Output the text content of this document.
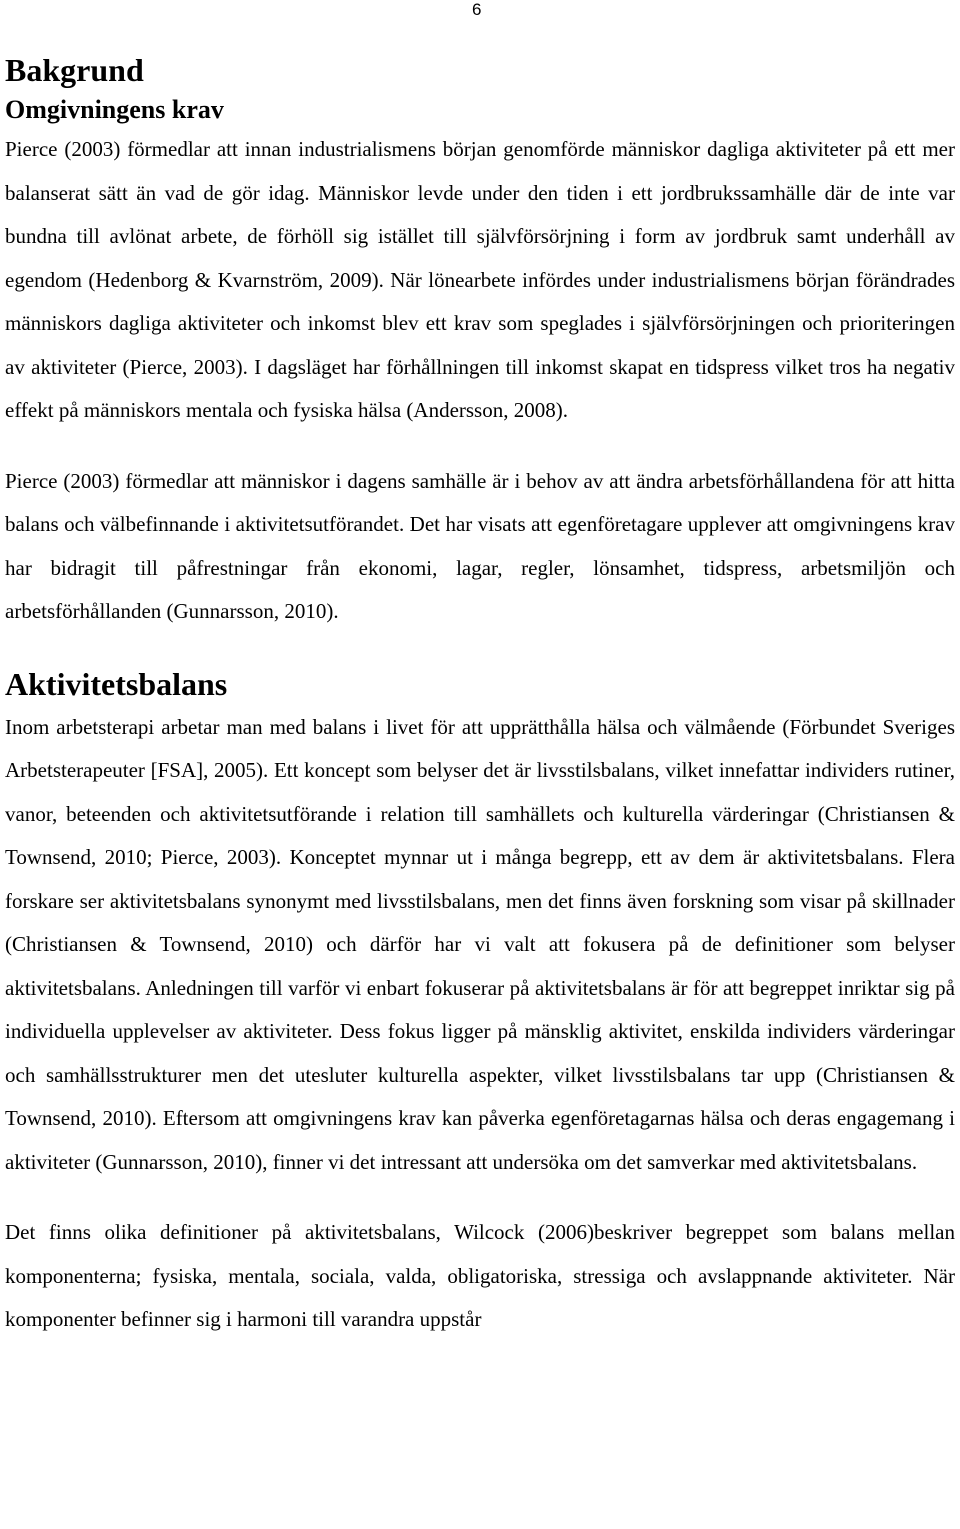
6
Bakgrund
Omgivningens krav

Pierce (2003) förmedlar att innan industrialismens början genomförde människor dagliga aktiviteter på ett mer balanserat sätt än vad de gör idag. Människor levde under den tiden i ett jordbrukssamhälle där de inte var bundna till avlönat arbete, de förhöll sig istället till självförsörjning i form av jordbruk samt underhåll av egendom (Hedenborg & Kvarnström, 2009). När lönearbete infördes under industrialismens början förändrades människors dagliga aktiviteter och inkomst blev ett krav som speglades i självförsörjningen och prioriteringen av aktiviteter (Pierce, 2003). I dagsläget har förhållningen till inkomst skapat en tidspress vilket tros ha negativ effekt på människors mentala och fysiska hälsa (Andersson, 2008).

Pierce (2003) förmedlar att människor i dagens samhälle är i behov av att ändra arbetsförhållandena för att hitta balans och välbefinnande i aktivitetsutförandet. Det har visats att egenföretagare upplever att omgivningens krav har bidragit till påfrestningar från ekonomi, lagar, regler, lönsamhet, tidspress, arbetsmiljön och arbetsförhållanden (Gunnarsson, 2010).

Aktivitetsbalans

Inom arbetsterapi arbetar man med balans i livet för att upprätthålla hälsa och välmående (Förbundet Sveriges Arbetsterapeuter [FSA], 2005). Ett koncept som belyser det är livsstilsbalans, vilket innefattar individers rutiner, vanor, beteenden och aktivitetsutförande i relation till samhällets och kulturella värderingar (Christiansen & Townsend, 2010; Pierce, 2003). Konceptet mynnar ut i många begrepp, ett av dem är aktivitetsbalans. Flera forskare ser aktivitetsbalans synonymt med livsstilsbalans, men det finns även forskning som visar på skillnader (Christiansen & Townsend, 2010) och därför har vi valt att fokusera på de definitioner som belyser aktivitetsbalans. Anledningen till varför vi enbart fokuserar på aktivitetsbalans är för att begreppet inriktar sig på individuella upplevelser av aktiviteter. Dess fokus ligger på mänsklig aktivitet, enskilda individers värderingar och samhällsstrukturer men det utesluter kulturella aspekter, vilket livsstilsbalans tar upp (Christiansen & Townsend, 2010). Eftersom att omgivningens krav kan påverka egenföretagarnas hälsa och deras engagemang i aktiviteter (Gunnarsson, 2010), finner vi det intressant att undersöka om det samverkar med aktivitetsbalans.

Det finns olika definitioner på aktivitetsbalans, Wilcock (2006)beskriver begreppet som balans mellan komponenterna; fysiska, mentala, sociala, valda, obligatoriska, stressiga och avslappnande aktiviteter. När komponenter befinner sig i harmoni till varandra uppstår
